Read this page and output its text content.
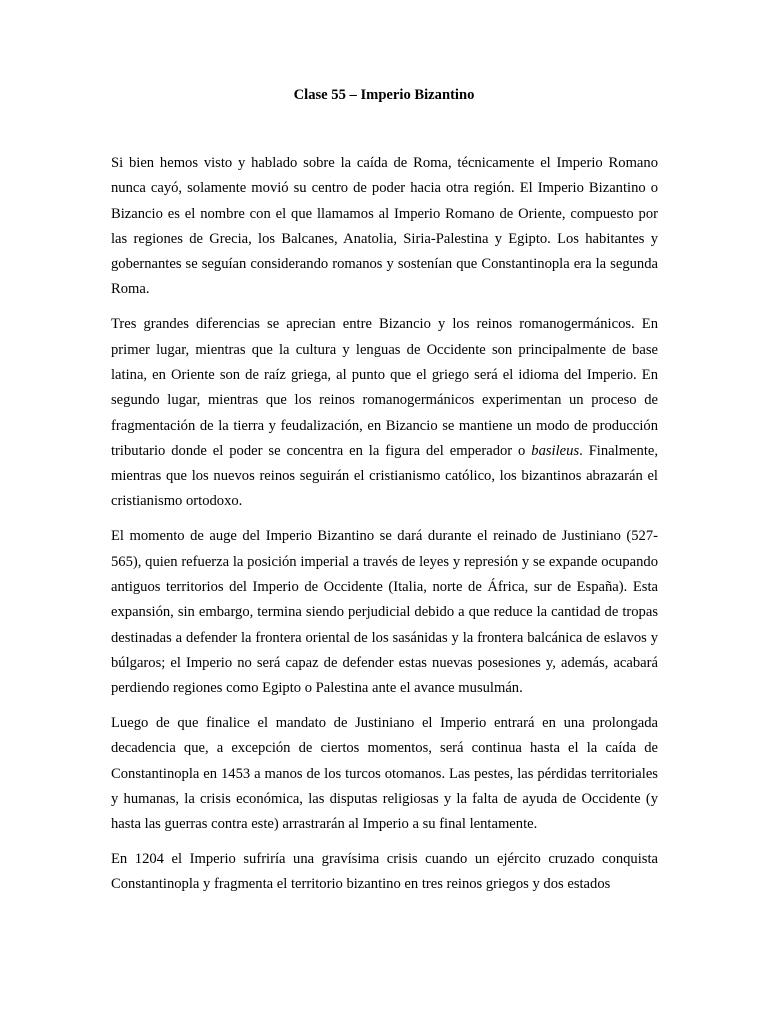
Clase 55 – Imperio Bizantino

Si bien hemos visto y hablado sobre la caída de Roma, técnicamente el Imperio Romano nunca cayó, solamente movió su centro de poder hacia otra región. El Imperio Bizantino o Bizancio es el nombre con el que llamamos al Imperio Romano de Oriente, compuesto por las regiones de Grecia, los Balcanes, Anatolia, Siria-Palestina y Egipto. Los habitantes y gobernantes se seguían considerando romanos y sostenían que Constantinopla era la segunda Roma.

Tres grandes diferencias se aprecian entre Bizancio y los reinos romanogermánicos. En primer lugar, mientras que la cultura y lenguas de Occidente son principalmente de base latina, en Oriente son de raíz griega, al punto que el griego será el idioma del Imperio. En segundo lugar, mientras que los reinos romanogermánicos experimentan un proceso de fragmentación de la tierra y feudalización, en Bizancio se mantiene un modo de producción tributario donde el poder se concentra en la figura del emperador o basileus. Finalmente, mientras que los nuevos reinos seguirán el cristianismo católico, los bizantinos abrazarán el cristianismo ortodoxo.

El momento de auge del Imperio Bizantino se dará durante el reinado de Justiniano (527-565), quien refuerza la posición imperial a través de leyes y represión y se expande ocupando antiguos territorios del Imperio de Occidente (Italia, norte de África, sur de España). Esta expansión, sin embargo, termina siendo perjudicial debido a que reduce la cantidad de tropas destinadas a defender la frontera oriental de los sasánidas y la frontera balcánica de eslavos y búlgaros; el Imperio no será capaz de defender estas nuevas posesiones y, además, acabará perdiendo regiones como Egipto o Palestina ante el avance musulmán.

Luego de que finalice el mandato de Justiniano el Imperio entrará en una prolongada decadencia que, a excepción de ciertos momentos, será continua hasta el la caída de Constantinopla en 1453 a manos de los turcos otomanos. Las pestes, las pérdidas territoriales y humanas, la crisis económica, las disputas religiosas y la falta de ayuda de Occidente (y hasta las guerras contra este) arrastrarán al Imperio a su final lentamente.

En 1204 el Imperio sufriría una gravísima crisis cuando un ejército cruzado conquista Constantinopla y fragmenta el territorio bizantino en tres reinos griegos y dos estados
